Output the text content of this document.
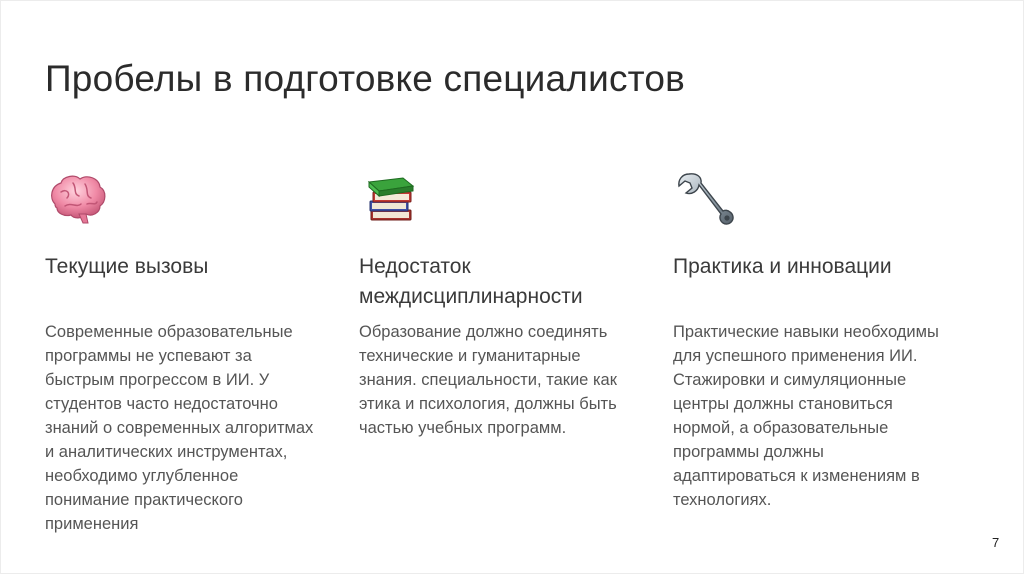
Пробелы в подготовке специалистов
Текущие вызовы
Современные образовательные программы не успевают за быстрым прогрессом в ИИ. У студентов часто недостаточно знаний о современных алгоритмах и аналитических инструментах, необходимо углубленное понимание практического применения
Недостаток междисциплинарности
Образование должно соединять технические и гуманитарные знания. специальности, такие как этика и психология, должны быть частью учебных программ.
Практика и инновации
Практические навыки необходимы для успешного применения ИИ. Стажировки и симуляционные центры должны становиться нормой, а образовательные программы должны адаптироваться к изменениям в технологиях.
7
